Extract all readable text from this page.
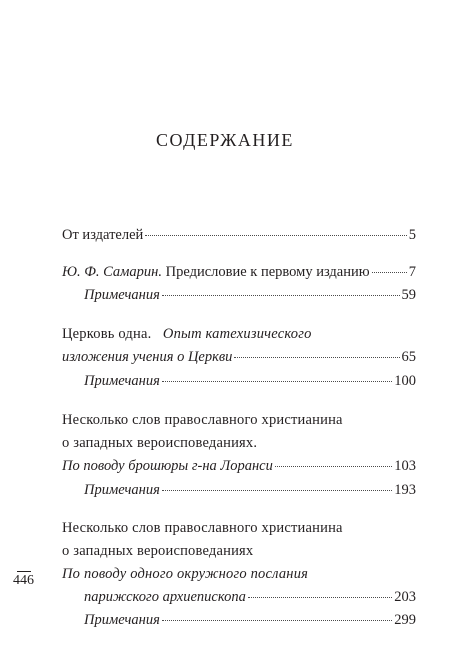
СОДЕРЖАНИЕ
От издателей	5
Ю. Ф. Самарин.
Предисловие к первому изданию	7
Примечания	59
Церковь одна. Опыт катехизического
изложения учения о Церкви	65
Примечания	100
Несколько слов православного христианина
о западных вероисповеданиях.
По поводу брошюры г-на Лоранси	103
Примечания	193
Несколько слов православного христианина
о западных вероисповеданиях
По поводу одного окружного послания
парижского архиепископа	203
Примечания	299
446
